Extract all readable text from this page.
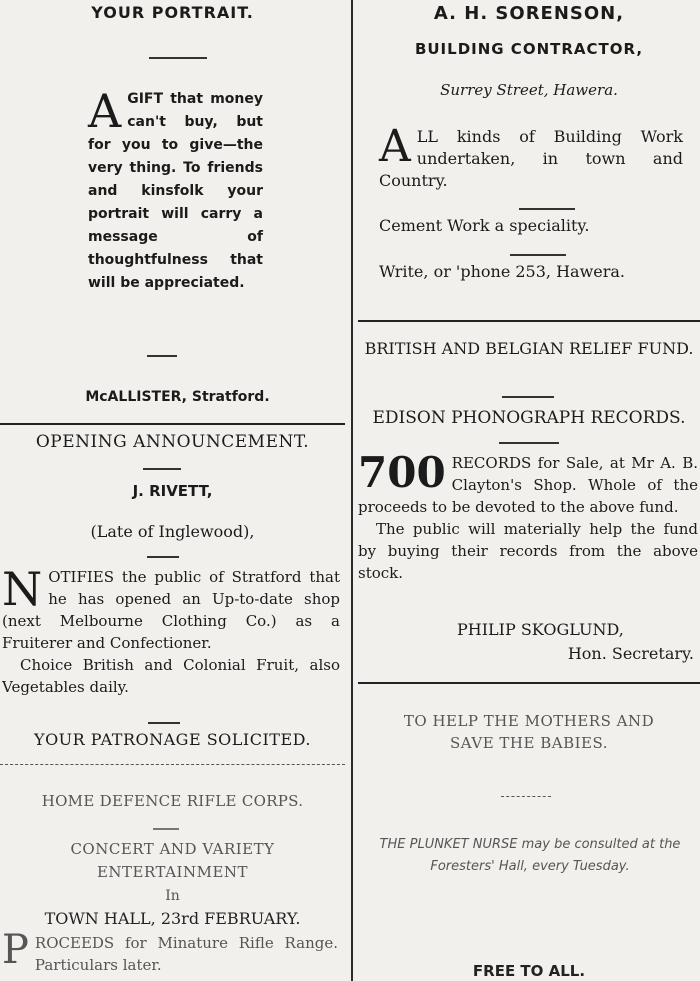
YOUR PORTRAIT.
AGIFT that money can't buy, but for you to give—the very thing. To friends and kinsfolk your portrait will carry a message of thoughtfulness that will be appreciated.
McALLISTER, Stratford.
OPENING ANNOUNCEMENT.
J. RIVETT,
(Late of Inglewood),
NOTIFIES the public of Stratford that he has opened an Up-to-date shop (next Melbourne Clothing Co.) as a Fruiterer and Confectioner.
Choice British and Colonial Fruit, also Vegetables daily.
YOUR PATRONAGE SOLICITED.
HOME DEFENCE RIFLE CORPS.
CONCERT AND VARIETY
ENTERTAINMENT
In
TOWN HALL, 23rd FEBRUARY.
PROCEEDS for Minature Rifle Range. Particulars later.
A. H. SORENSON,
BUILDING CONTRACTOR,
Surrey Street, Hawera.
ALL kinds of Building Work undertaken, in town and Country.
Cement Work a speciality.
Write, or 'phone 253, Hawera.
BRITISH AND BELGIAN RELIEF FUND.
EDISON PHONOGRAPH RECORDS.
700 RECORDS for Sale, at Mr A. B. Clayton's Shop. Whole of the proceeds to be devoted to the above fund.
The public will materially help the fund by buying their records from the above stock.
PHILIP SKOGLUND,
Hon. Secretary.
TO HELP THE MOTHERS AND
SAVE THE BABIES.
THE PLUNKET NURSE may be consulted at the Foresters' Hall, every Tuesday.
FREE TO ALL.
